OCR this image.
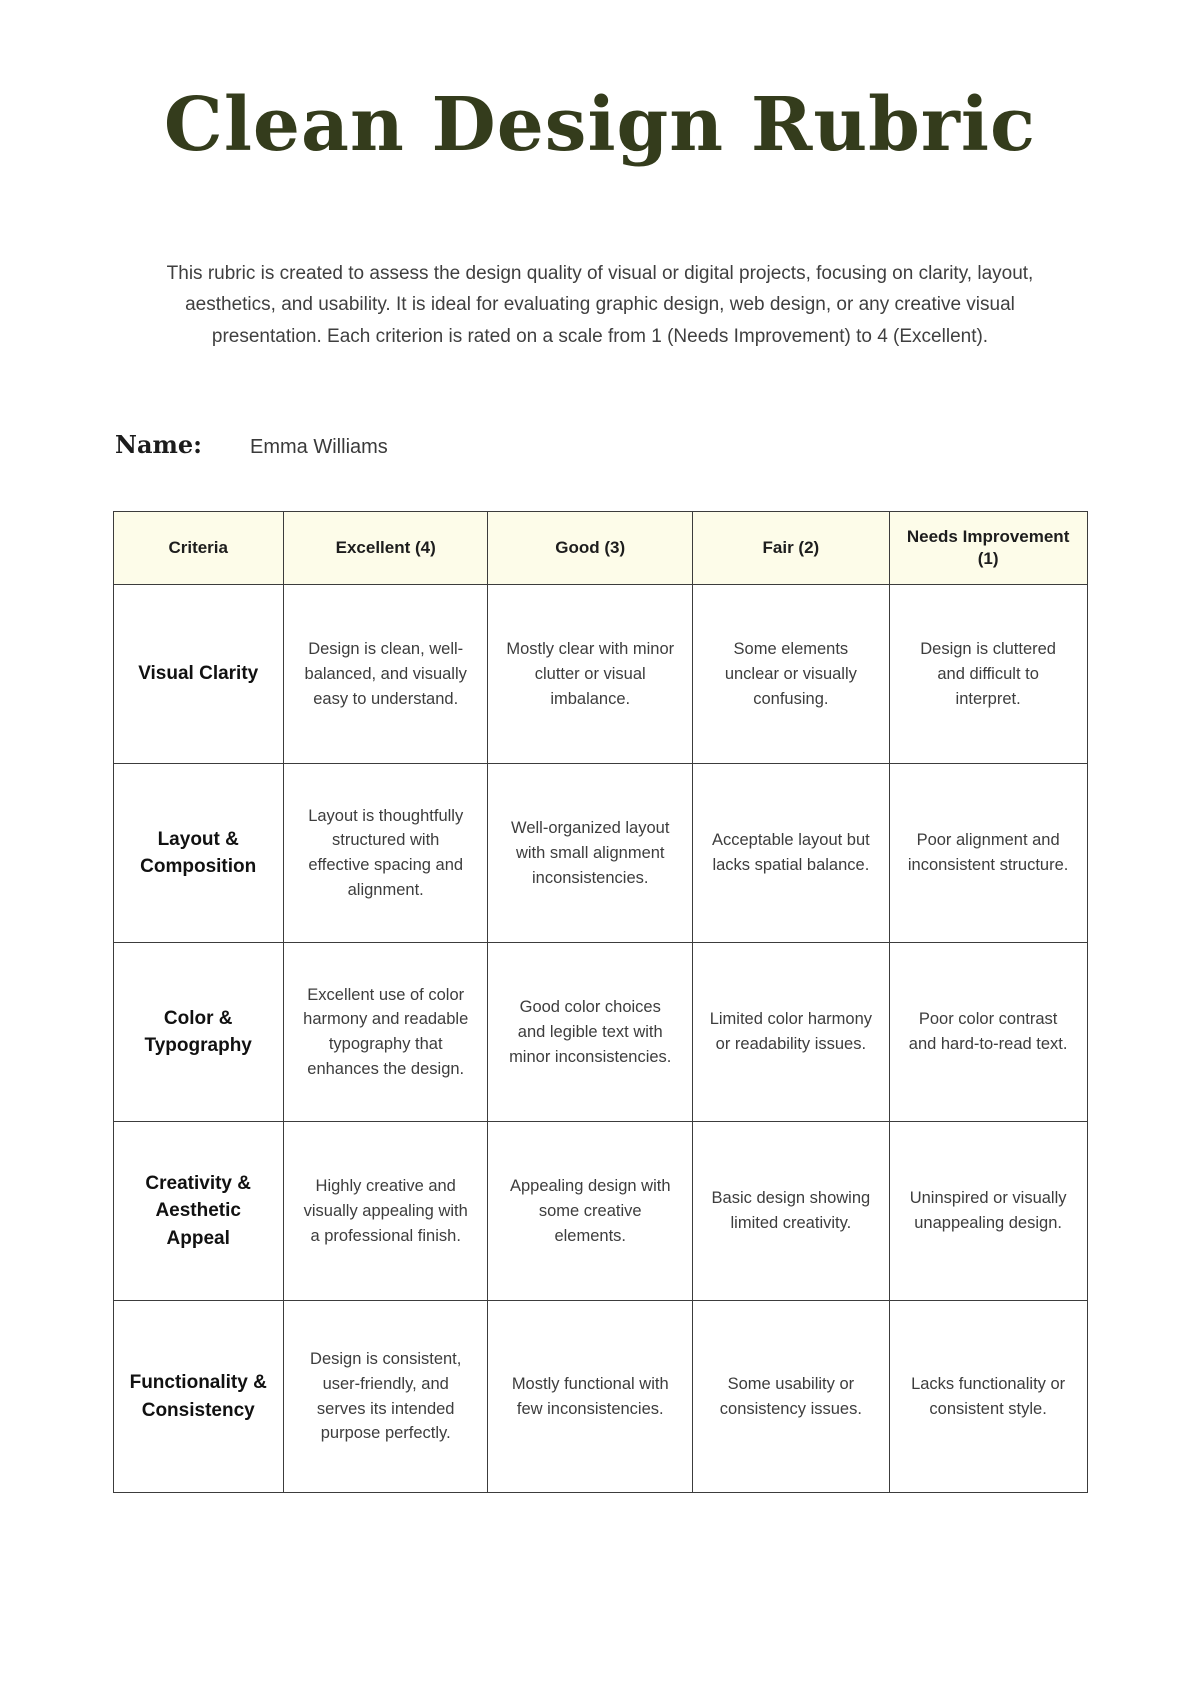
Clean Design Rubric

This rubric is created to assess the design quality of visual or digital projects, focusing on clarity, layout, aesthetics, and usability. It is ideal for evaluating graphic design, web design, or any creative visual presentation. Each criterion is rated on a scale from 1 (Needs Improvement) to 4 (Excellent).

Name: Emma Williams
Criteria	Excellent (4)	Good (3)	Fair (2)	Needs Improvement (1)
Visual Clarity	Design is clean, well-balanced, and visually easy to understand.	Mostly clear with minor clutter or visual imbalance.	Some elements unclear or visually confusing.	Design is cluttered and difficult to interpret.
Layout & Composition	Layout is thoughtfully structured with effective spacing and alignment.	Well-organized layout with small alignment inconsistencies.	Acceptable layout but lacks spatial balance.	Poor alignment and inconsistent structure.
Color & Typography	Excellent use of color harmony and readable typography that enhances the design.	Good color choices and legible text with minor inconsistencies.	Limited color harmony or readability issues.	Poor color contrast and hard-to-read text.
Creativity & Aesthetic Appeal	Highly creative and visually appealing with a professional finish.	Appealing design with some creative elements.	Basic design showing limited creativity.	Uninspired or visually unappealing design.
Functionality & Consistency	Design is consistent, user-friendly, and serves its intended purpose perfectly.	Mostly functional with few inconsistencies.	Some usability or consistency issues.	Lacks functionality or consistent style.
